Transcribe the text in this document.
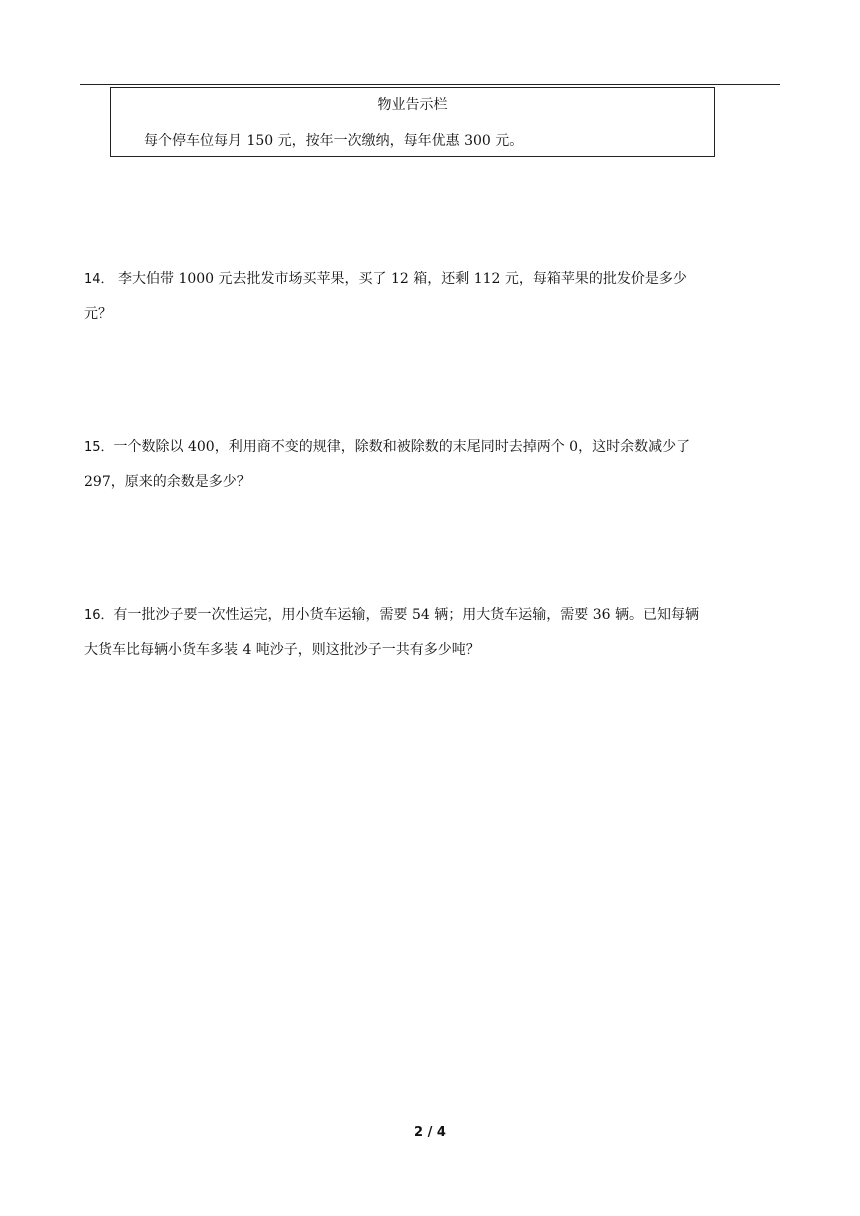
物业告示栏
每个停车位每月 150 元，按年一次缴纳，每年优惠 300 元。
14． 李大伯带 1000 元去批发市场买苹果，买了 12 箱，还剩 112 元，每箱苹果的批发价是多少
元？
15．一个数除以 400，利用商不变的规律，除数和被除数的末尾同时去掉两个 0，这时余数减少了
297，原来的余数是多少？
16．有一批沙子要一次性运完，用小货车运输，需要 54 辆；用大货车运输，需要 36 辆。已知每辆
大货车比每辆小货车多装 4 吨沙子，则这批沙子一共有多少吨？
2 / 4
